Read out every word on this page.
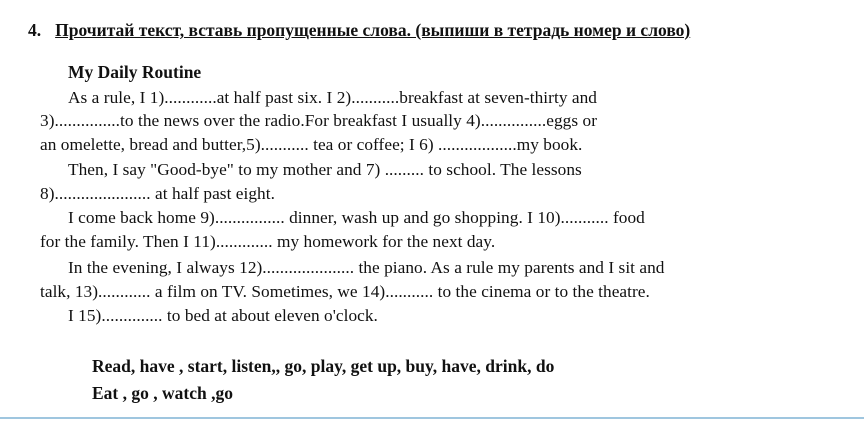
4. Прочитай текст, вставь пропущенные слова. (выпиши в тетрадь номер и слово)
My Daily Routine
As a rule, I 1)............at half past six. I 2)...........breakfast at seven-thirty and
3)...............to the news over the radio.For breakfast I usually 4)...............eggs or
an omelette, bread and butter,5)........... tea or coffee; I 6) ..................my book.
Then, I say "Good-bye" to my mother and 7) ......... to school. The lessons
8)...................... at half past eight.
I come back home 9)................ dinner, wash up and go shopping. I 10)........... food
for the family. Then I 11)............. my homework for the next day.
In the evening, I always 12)..................... the piano. As a rule my parents and I sit and
talk, 13)............ a film on TV. Sometimes, we 14)........... to the cinema or to the theatre.
I 15).............. to bed at about eleven o'clock.
Read, have , start, listen,, go, play, get up, buy, have, drink, do
Eat , go , watch ,go
